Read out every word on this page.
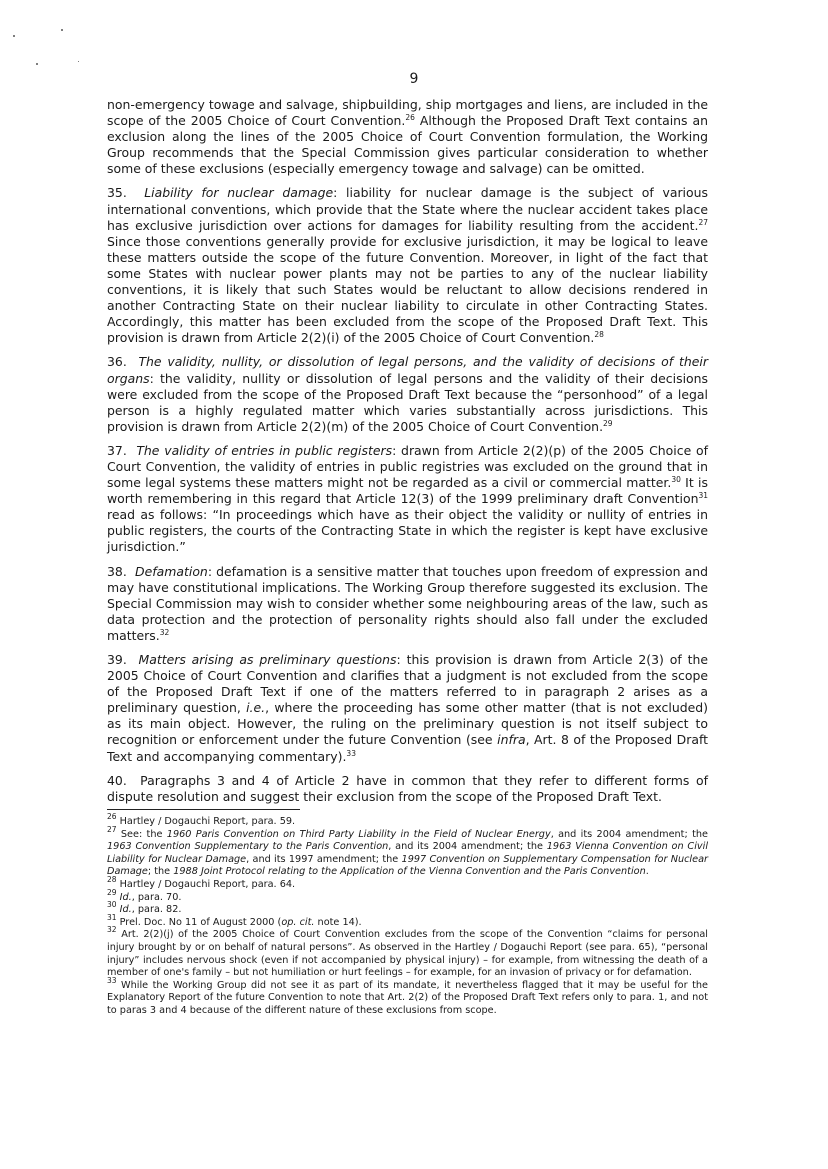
9

non-emergency towage and salvage, shipbuilding, ship mortgages and liens, are included in the scope of the 2005 Choice of Court Convention.$^{26}$ Although the Proposed Draft Text contains an exclusion along the lines of the 2005 Choice of Court Convention formulation, the Working Group recommends that the Special Commission gives particular consideration to whether some of these exclusions (especially emergency towage and salvage) can be omitted.

35. Liability for nuclear damage: liability for nuclear damage is the subject of various international conventions, which provide that the State where the nuclear accident takes place has exclusive jurisdiction over actions for damages for liability resulting from the accident.$^{27}$ Since those conventions generally provide for exclusive jurisdiction, it may be logical to leave these matters outside the scope of the future Convention. Moreover, in light of the fact that some States with nuclear power plants may not be parties to any of the nuclear liability conventions, it is likely that such States would be reluctant to allow decisions rendered in another Contracting State on their nuclear liability to circulate in other Contracting States. Accordingly, this matter has been excluded from the scope of the Proposed Draft Text. This provision is drawn from Article 2(2)(i) of the 2005 Choice of Court Convention.$^{28}$

36. The validity, nullity, or dissolution of legal persons, and the validity of decisions of their organs: the validity, nullity or dissolution of legal persons and the validity of their decisions were excluded from the scope of the Proposed Draft Text because the “personhood” of a legal person is a highly regulated matter which varies substantially across jurisdictions. This provision is drawn from Article 2(2)(m) of the 2005 Choice of Court Convention.$^{29}$

37. The validity of entries in public registers: drawn from Article 2(2)(p) of the 2005 Choice of Court Convention, the validity of entries in public registries was excluded on the ground that in some legal systems these matters might not be regarded as a civil or commercial matter.$^{30}$ It is worth remembering in this regard that Article 12(3) of the 1999 preliminary draft Convention$^{31}$ read as follows: “In proceedings which have as their object the validity or nullity of entries in public registers, the courts of the Contracting State in which the register is kept have exclusive jurisdiction.”

38. Defamation: defamation is a sensitive matter that touches upon freedom of expression and may have constitutional implications. The Working Group therefore suggested its exclusion. The Special Commission may wish to consider whether some neighbouring areas of the law, such as data protection and the protection of personality rights should also fall under the excluded matters.$^{32}$

39. Matters arising as preliminary questions: this provision is drawn from Article 2(3) of the 2005 Choice of Court Convention and clarifies that a judgment is not excluded from the scope of the Proposed Draft Text if one of the matters referred to in paragraph 2 arises as a preliminary question, i.e., where the proceeding has some other matter (that is not excluded) as its main object. However, the ruling on the preliminary question is not itself subject to recognition or enforcement under the future Convention (see infra, Art. 8 of the Proposed Draft Text and accompanying commentary).$^{33}$

40.  Paragraphs 3 and 4 of Article 2 have in common that they refer to different forms of dispute resolution and suggest their exclusion from the scope of the Proposed Draft Text.

$^{26}$ Hartley / Dogauchi Report, para. 59.

$^{27}$ See: the 1960 Paris Convention on Third Party Liability in the Field of Nuclear Energy, and its 2004 amendment; the 1963 Convention Supplementary to the Paris Convention, and its 2004 amendment; the 1963 Vienna Convention on Civil Liability for Nuclear Damage, and its 1997 amendment; the 1997 Convention on Supplementary Compensation for Nuclear Damage; the 1988 Joint Protocol relating to the Application of the Vienna Convention and the Paris Convention.

$^{28}$ Hartley / Dogauchi Report, para. 64.

$^{29}$ Id., para. 70.

$^{30}$ Id., para. 82.

$^{31}$ Prel. Doc. No 11 of August 2000 (op. cit. note 14).

$^{32}$ Art. 2(2)(j) of the 2005 Choice of Court Convention excludes from the scope of the Convention “claims for personal injury brought by or on behalf of natural persons”. As observed in the Hartley / Dogauchi Report (see para. 65), “personal injury” includes nervous shock (even if not accompanied by physical injury) – for example, from witnessing the death of a member of one's family – but not humiliation or hurt feelings – for example, for an invasion of privacy or for defamation.

$^{33}$ While the Working Group did not see it as part of its mandate, it nevertheless flagged that it may be useful for the Explanatory Report of the future Convention to note that Art. 2(2) of the Proposed Draft Text refers only to para. 1, and not to paras 3 and 4 because of the different nature of these exclusions from scope.
